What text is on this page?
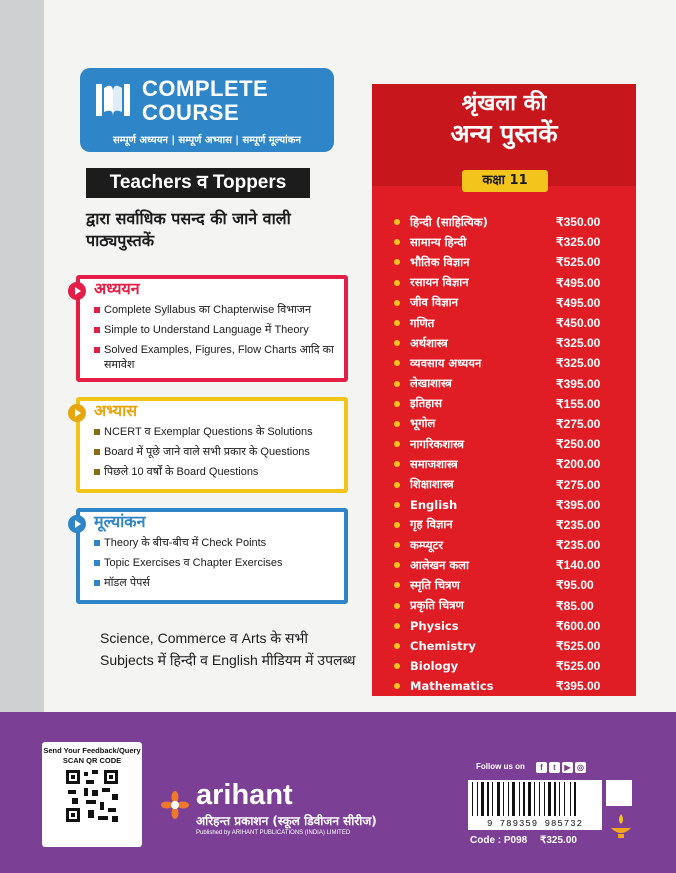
COMPLETE
COURSE
सम्पूर्ण अध्ययन | सम्पूर्ण अभ्यास | सम्पूर्ण मूल्यांकन
Teachers व Toppers
द्वारा सर्वाधिक पसन्द की जाने वाली पाठ्यपुस्तकें
अध्ययन
Complete Syllabus का Chapterwise विभाजन
Simple to Understand Language में Theory
Solved Examples, Figures, Flow Charts आदि का समावेश
अभ्यास
NCERT व Exemplar Questions के Solutions
Board में पूछे जाने वाले सभी प्रकार के Questions
पिछले 10 वर्षों के Board Questions
मूल्यांकन
Theory के बीच-बीच में Check Points
Topic Exercises व Chapter Exercises
मॉडल पेपर्स
Science, Commerce व Arts के सभी Subjects में हिन्दी व English मीडियम में उपलब्ध
श्रृंखला की
अन्य पुस्तकें
कक्षा 11
हिन्दी (साहित्यिक)	₹350.00
सामान्य हिन्दी	₹325.00
भौतिक विज्ञान	₹525.00
रसायन विज्ञान	₹495.00
जीव विज्ञान	₹495.00
गणित	₹450.00
अर्थशास्त्र	₹325.00
व्यवसाय अध्ययन	₹325.00
लेखाशास्त्र	₹395.00
इतिहास	₹155.00
भूगोल	₹275.00
नागरिकशास्त्र	₹250.00
समाजशास्त्र	₹200.00
शिक्षाशास्त्र	₹275.00
English	₹395.00
गृह विज्ञान	₹235.00
कम्प्यूटर	₹235.00
आलेखन कला	₹140.00
स्मृति चित्रण	₹95.00
प्रकृति चित्रण	₹85.00
Physics	₹600.00
Chemistry	₹525.00
Biology	₹525.00
Mathematics	₹395.00
Send Your Feedback/Query
SCAN QR CODE
arihant
अरिहन्त प्रकाशन (स्कूल डिवीजन सीरीज)
Published by ARIHANT PUBLICATIONS (INDIA) LIMITED
Follow us on	f	t	▶ ◎
9 789359 985732
Code : P098 ₹325.00
